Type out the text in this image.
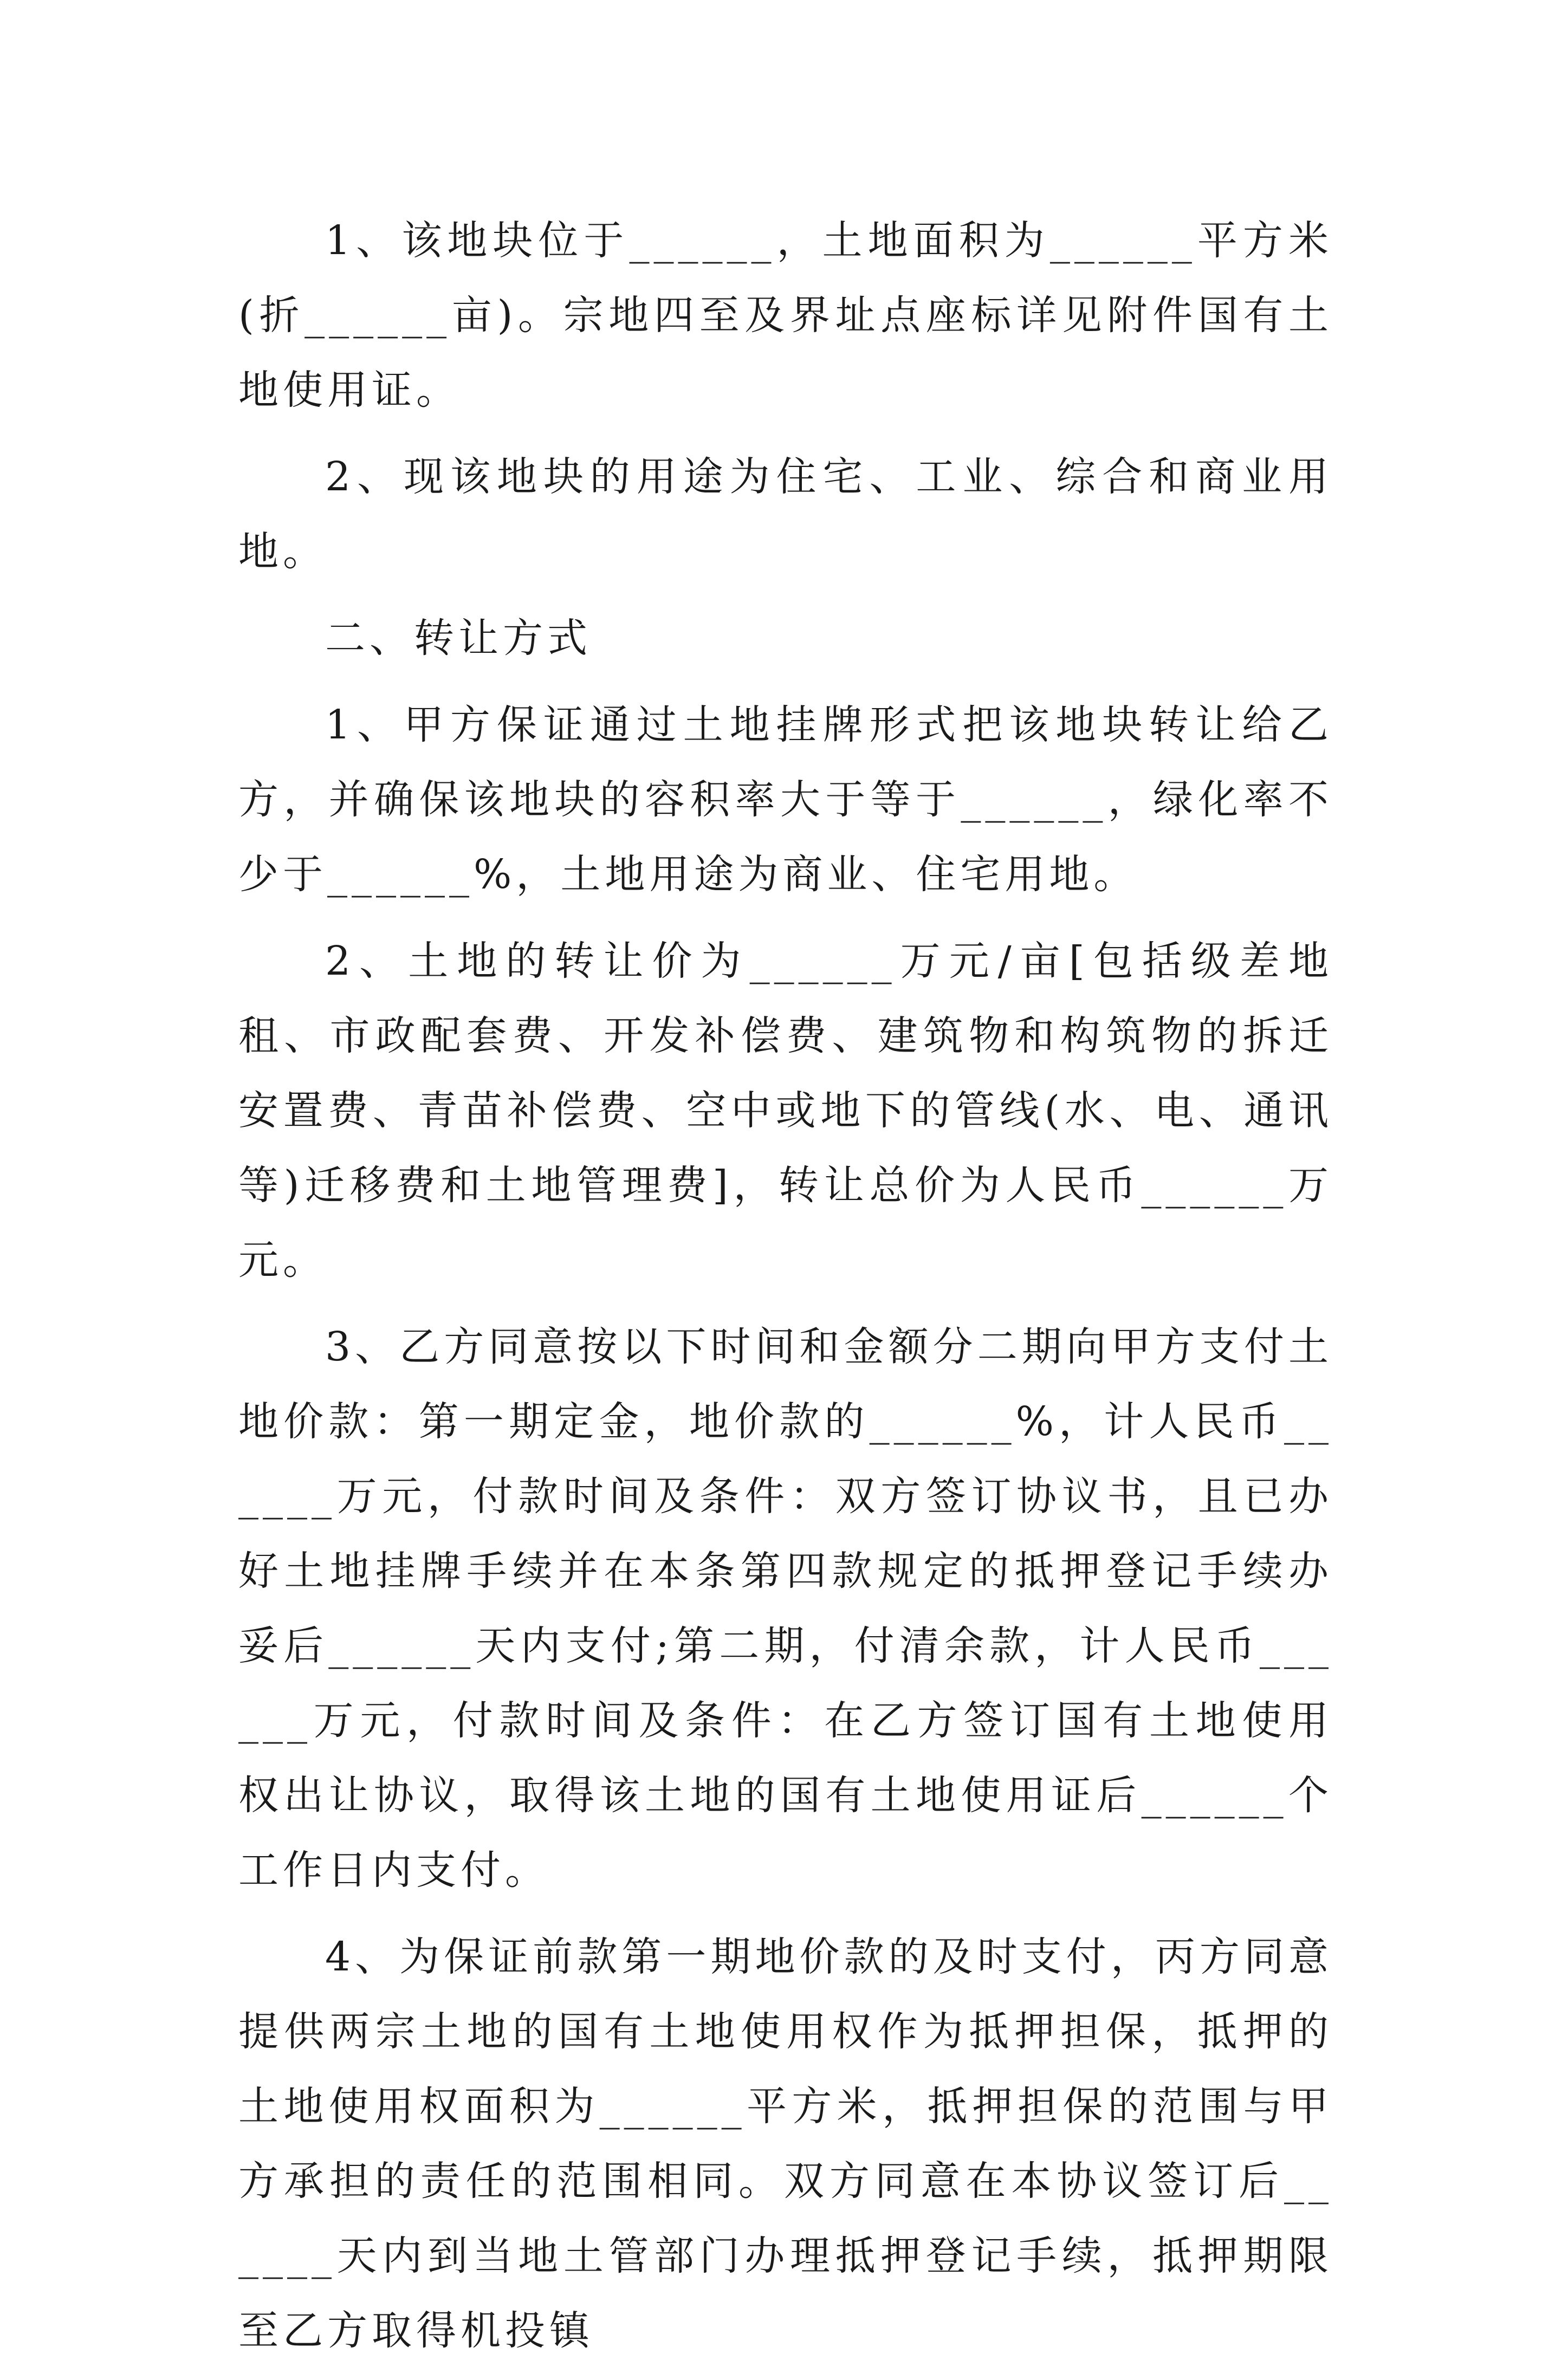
1、该地块位于______，土地面积为______平方米(折______亩)。宗地四至及界址点座标详见附件国有土地使用证。

2、现该地块的用途为住宅、工业、综合和商业用地。

二、转让方式

1、甲方保证通过土地挂牌形式把该地块转让给乙方，并确保该地块的容积率大于等于______，绿化率不少于______%，土地用途为商业、住宅用地。

2、土地的转让价为______万元/亩[包括级差地租、市政配套费、开发补偿费、建筑物和构筑物的拆迁安置费、青苗补偿费、空中或地下的管线(水、电、通讯等)迁移费和土地管理费]，转让总价为人民币______万元。

3、乙方同意按以下时间和金额分二期向甲方支付土地价款：第一期定金，地价款的______%，计人民币______万元，付款时间及条件：双方签订协议书，且已办好土地挂牌手续并在本条第四款规定的抵押登记手续办妥后______天内支付;第二期，付清余款，计人民币______万元，付款时间及条件：在乙方签订国有土地使用权出让协议，取得该土地的国有土地使用证后______个工作日内支付。

4、为保证前款第一期地价款的及时支付，丙方同意提供两宗土地的国有土地使用权作为抵押担保，抵押的土地使用权面积为______平方米，抵押担保的范围与甲方承担的责任的范围相同。双方同意在本协议签订后______天内到当地土管部门办理抵押登记手续，抵押期限至乙方取得机投镇
